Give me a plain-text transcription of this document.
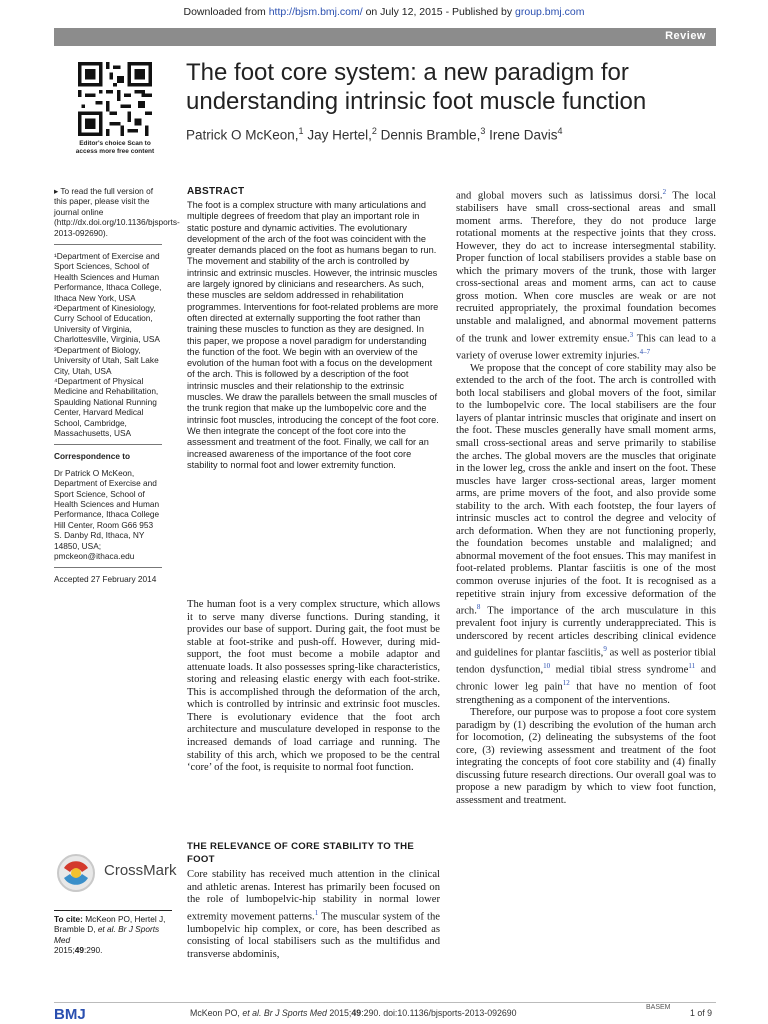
Downloaded from http://bjsm.bmj.com/ on July 12, 2015 - Published by group.bmj.com
Review
Editor's choice Scan to access more free content
The foot core system: a new paradigm for understanding intrinsic foot muscle function
Patrick O McKeon,$^1$ Jay Hertel,$^2$ Dennis Bramble,$^3$ Irene Davis$^4$

▸ To read the full version of this paper, please visit the journal online (http://dx.doi.org/10.1136/bjsports-2013-092690).

¹Department of Exercise and Sport Sciences, School of Health Sciences and Human Performance, Ithaca College, Ithaca New York, USA

²Department of Kinesiology, Curry School of Education, University of Virginia, Charlottesville, Virginia, USA

³Department of Biology, University of Utah, Salt Lake City, Utah, USA

⁴Department of Physical Medicine and Rehabilitation, Spaulding National Running Center, Harvard Medical School, Cambridge, Massachusetts, USA

Correspondence to

Dr Patrick O McKeon, Department of Exercise and Sport Science, School of Health Sciences and Human Performance, Ithaca College Hill Center, Room G66 953 S. Danby Rd, Ithaca, NY 14850, USA; pmckeon@ithaca.edu

Accepted 27 February 2014

ABSTRACT
The foot is a complex structure with many articulations and multiple degrees of freedom that play an important role in static posture and dynamic activities. The evolutionary development of the arch of the foot was coincident with the greater demands placed on the foot as humans began to run. The movement and stability of the arch is controlled by intrinsic and extrinsic muscles. However, the intrinsic muscles are largely ignored by clinicians and researchers. As such, these muscles are seldom addressed in rehabilitation programmes. Interventions for foot-related problems are more often directed at externally supporting the foot rather than training these muscles to function as they are designed. In this paper, we propose a novel paradigm for understanding the function of the foot. We begin with an overview of the evolution of the human foot with a focus on the development of the arch. This is followed by a description of the foot intrinsic muscles and their relationship to the extrinsic muscles. We draw the parallels between the small muscles of the trunk region that make up the lumbopelvic core and the intrinsic foot muscles, introducing the concept of the foot core. We then integrate the concept of the foot core into the assessment and treatment of the foot. Finally, we call for an increased awareness of the importance of the foot core stability to normal foot and lower extremity function.
The human foot is a very complex structure, which allows it to serve many diverse functions. During standing, it provides our base of support. During gait, the foot must be stable at foot-strike and push-off. However, during mid-support, the foot must become a mobile adaptor and attenuate loads. It also possesses spring-like characteristics, storing and releasing elastic energy with each foot-strike. This is accomplished through the deformation of the arch, which is controlled by intrinsic and extrinsic foot muscles. There is evolutionary evidence that the foot arch architecture and musculature developed in response to the increased demands of load carriage and running. The stability of this arch, which we proposed to be the central ‘core’ of the foot, is requisite to normal foot function.
THE RELEVANCE OF CORE STABILITY TO THE FOOT
Core stability has received much attention in the clinical and athletic arenas. Interest has primarily been focused on the role of lumbopelvic-hip stability in normal lower extremity movement patterns.$^1$ The muscular system of the lumbopelvic hip complex, or core, has been described as consisting of local stabilisers such as the multifidus and transverse abdominis,

and global movers such as latissimus dorsi.$^2$ The local stabilisers have small cross-sectional areas and small moment arms. Therefore, they do not produce large rotational moments at the respective joints that they cross. However, they do act to increase intersegmental stability. Proper function of local stabilisers provides a stable base on which the primary movers of the trunk, those with larger cross-sectional areas and moment arms, can act to cause gross motion. When core muscles are weak or are not recruited appropriately, the proximal foundation becomes unstable and malaligned, and abnormal movement patterns of the trunk and lower extremity ensue.$^3$ This can lead to a variety of overuse lower extremity injuries.$^{4-7}$

We propose that the concept of core stability may also be extended to the arch of the foot. The arch is controlled with both local stabilisers and global movers of the foot, similar to the lumbopelvic core. The local stabilisers are the four layers of plantar intrinsic muscles that originate and insert on the foot. These muscles generally have small moment arms, small cross-sectional areas and serve primarily to stabilise the arches. The global movers are the muscles that originate in the lower leg, cross the ankle and insert on the foot. These muscles have larger cross-sectional areas, larger moment arms, are prime movers of the foot, and also provide some stability to the arch. With each footstep, the four layers of intrinsic muscles act to control the degree and velocity of arch deformation. When they are not functioning properly, the foundation becomes unstable and malaligned; and abnormal movement of the foot ensues. This may manifest in foot-related problems. Plantar fasciitis is one of the most common overuse injuries of the foot. It is recognised as a repetitive strain injury from excessive deformation of the arch.$^8$ The importance of the arch musculature in this prevalent foot injury is currently underappreciated. This is underscored by recent articles describing clinical evidence and guidelines for plantar fasciitis,$^9$ as well as posterior tibial tendon dysfunction,$^{10}$ medial tibial stress syndrome$^{11}$ and chronic lower leg pain$^{12}$ that have no mention of foot strengthening as a component of the interventions.

Therefore, our purpose was to propose a foot core system paradigm by (1) describing the evolution of the human arch for locomotion, (2) delineating the subsystems of the foot core, (3) reviewing assessment and treatment of the foot integrating the concepts of foot core stability and (4) finally discussing future research directions. Our overall goal was to propose a new paradigm by which to view foot function, assessment and treatment.

CrossMark
To cite: McKeon PO, Hertel J, Bramble D, et al. Br J Sports Med
2015;49:290.
BMJ	McKeon PO, et al. Br J Sports Med 2015;49:290. doi:10.1136/bjsports-2013-092690
BASEM
1 of 9
